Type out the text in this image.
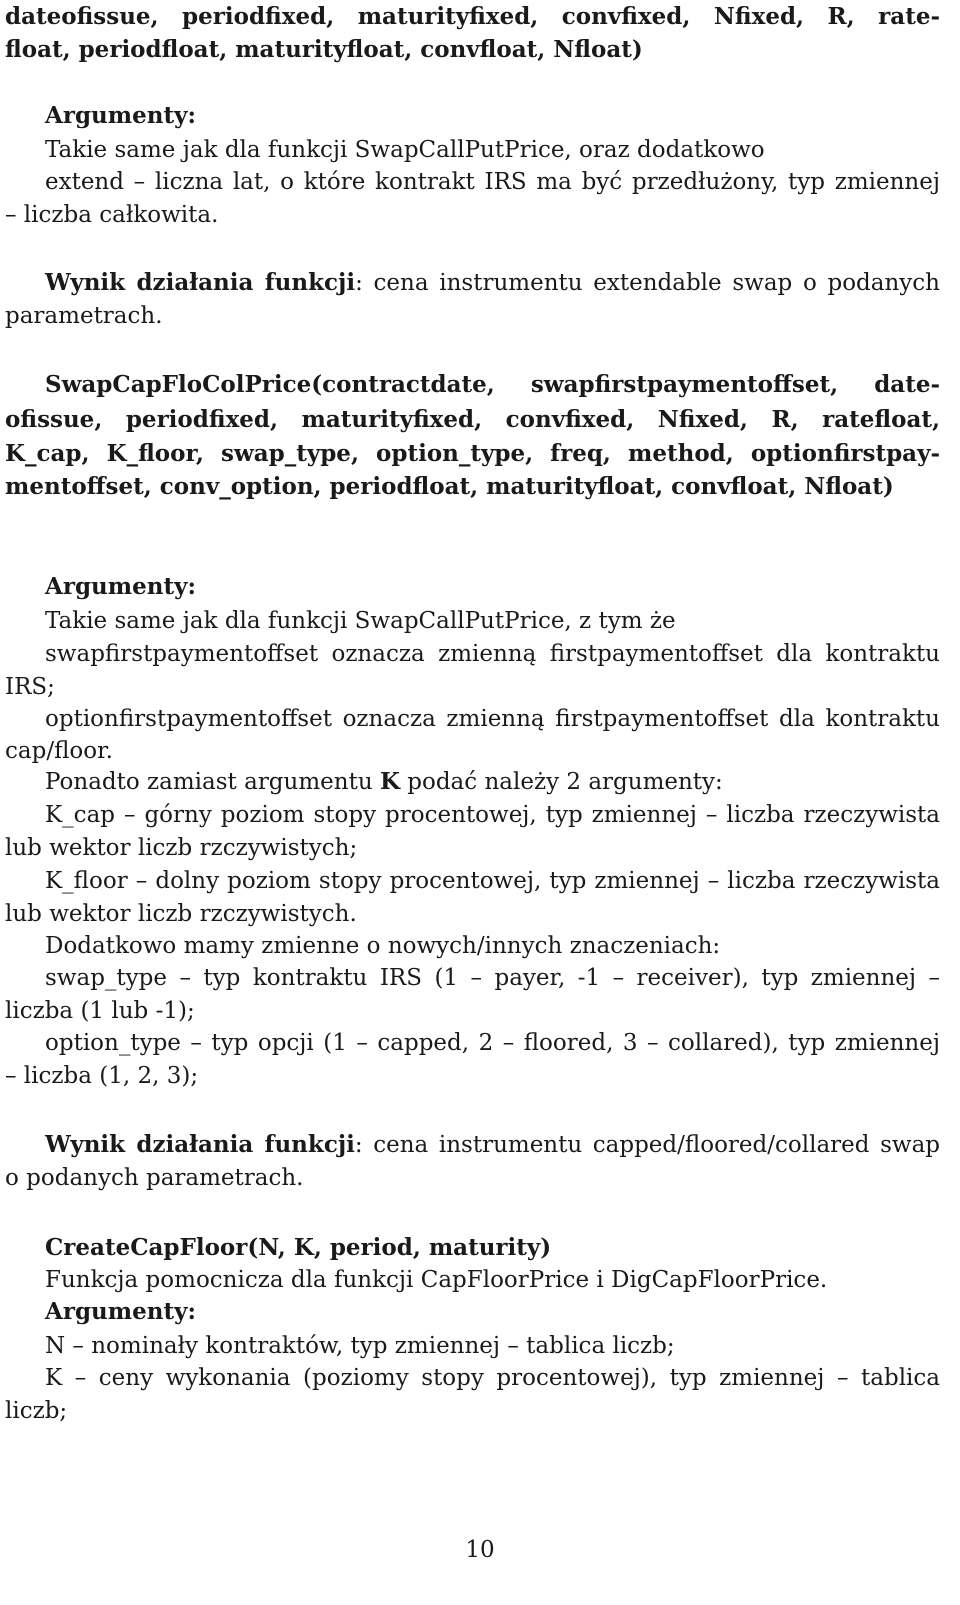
dateofissue, periodfixed, maturityfixed, convfixed, Nfixed, R, rate-
float, periodfloat, maturityfloat, convfloat, Nfloat)
Argumenty:
Takie same jak dla funkcji SwapCallPutPrice, oraz dodatkowo
extend – liczna lat, o które kontrakt IRS ma być przedłużony, typ zmiennej
– liczba całkowita.
Wynik działania funkcji: cena instrumentu extendable swap o podanych
parametrach.
SwapCapFloColPrice(contractdate, swapfirstpaymentoffset, date-
ofissue, periodfixed, maturityfixed, convfixed, Nfixed, R, ratefloat,
K_cap, K_floor, swap_type, option_type, freq, method, optionfirstpay-
mentoffset, conv_option, periodfloat, maturityfloat, convfloat, Nfloat)
Argumenty:
Takie same jak dla funkcji SwapCallPutPrice, z tym że
swapfirstpaymentoffset oznacza zmienną firstpaymentoffset dla kontraktu
IRS;
optionfirstpaymentoffset oznacza zmienną firstpaymentoffset dla kontraktu
cap/floor.
Ponadto zamiast argumentu K podać należy 2 argumenty:
K_cap – górny poziom stopy procentowej, typ zmiennej – liczba rzeczywista
lub wektor liczb rzczywistych;
K_floor – dolny poziom stopy procentowej, typ zmiennej – liczba rzeczywista
lub wektor liczb rzczywistych.
Dodatkowo mamy zmienne o nowych/innych znaczeniach:
swap_type – typ kontraktu IRS (1 – payer, -1 – receiver), typ zmiennej –
liczba (1 lub -1);
option_type – typ opcji (1 – capped, 2 – floored, 3 – collared), typ zmiennej
– liczba (1, 2, 3);
Wynik działania funkcji: cena instrumentu capped/floored/collared swap
o podanych parametrach.
CreateCapFloor(N, K, period, maturity)
Funkcja pomocnicza dla funkcji CapFloorPrice i DigCapFloorPrice.
Argumenty:
N – nominały kontraktów, typ zmiennej – tablica liczb;
K – ceny wykonania (poziomy stopy procentowej), typ zmiennej – tablica
liczb;
10
